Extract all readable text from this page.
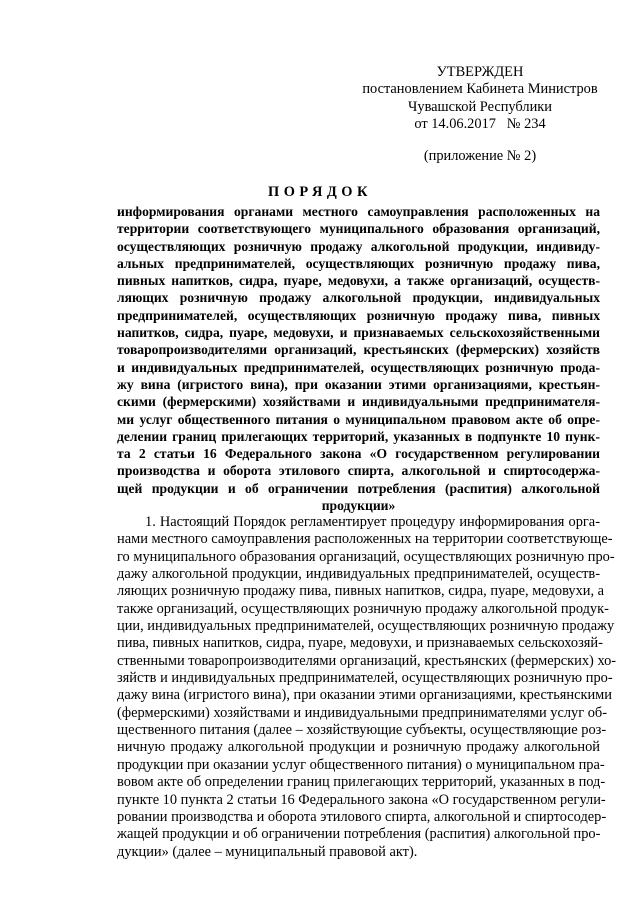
УТВЕРЖДЕН
постановлением Кабинета Министров
Чувашской Республики
от 14.06.2017   № 234
(приложение № 2)
ПОРЯДОК
информирования органами местного самоуправления расположенных на
территории соответствующего муниципального образования организаций,
осуществляющих розничную продажу алкогольной продукции, индивиду-
альных предпринимателей, осуществляющих розничную продажу пива,
пивных напитков, сидра, пуаре, медовухи, а также организаций, осуществ-
ляющих розничную продажу алкогольной продукции, индивидуальных
предпринимателей, осуществляющих розничную продажу пива, пивных
напитков, сидра, пуаре, медовухи, и признаваемых сельскохозяйственными
товаропроизводителями организаций, крестьянских (фермерских) хозяйств
и индивидуальных предпринимателей, осуществляющих розничную прода-
жу вина (игристого вина), при оказании этими организациями, крестьян-
скими (фермерскими) хозяйствами и индивидуальными предпринимателя-
ми услуг общественного питания о муниципальном правовом акте об опре-
делении границ прилегающих территорий, указанных в подпункте 10 пунк-
та 2 статьи 16 Федерального закона «О государственном регулировании
производства и оборота этилового спирта, алкогольной и спиртосодержа-
щей продукции и об ограничении потребления (распития) алкогольной
продукции»
1. Настоящий Порядок регламентирует процедуру информирования орга-
нами местного самоуправления расположенных на территории соответствующе-
го муниципального образования организаций, осуществляющих розничную про-
дажу алкогольной продукции, индивидуальных предпринимателей, осуществ-
ляющих розничную продажу пива, пивных напитков, сидра, пуаре, медовухи, а
также организаций, осуществляющих розничную продажу алкогольной продук-
ции, индивидуальных предпринимателей, осуществляющих розничную продажу
пива, пивных напитков, сидра, пуаре, медовухи, и признаваемых сельскохозяй-
ственными товаропроизводителями организаций, крестьянских (фермерских) хо-
зяйств и индивидуальных предпринимателей, осуществляющих розничную про-
дажу вина (игристого вина), при оказании этими организациями, крестьянскими
(фермерскими) хозяйствами и индивидуальными предпринимателями услуг об-
щественного питания (далее – хозяйствующие субъекты, осуществляющие роз-
ничную продажу алкогольной продукции и розничную продажу алкогольной
продукции при оказании услуг общественного питания) о муниципальном пра-
вовом акте об определении границ прилегающих территорий, указанных в под-
пункте 10 пункта 2 статьи 16 Федерального закона «О государственном регули-
ровании производства и оборота этилового спирта, алкогольной и спиртосодер-
жащей продукции и об ограничении потребления (распития) алкогольной про-
дукции» (далее – муниципальный правовой акт).
